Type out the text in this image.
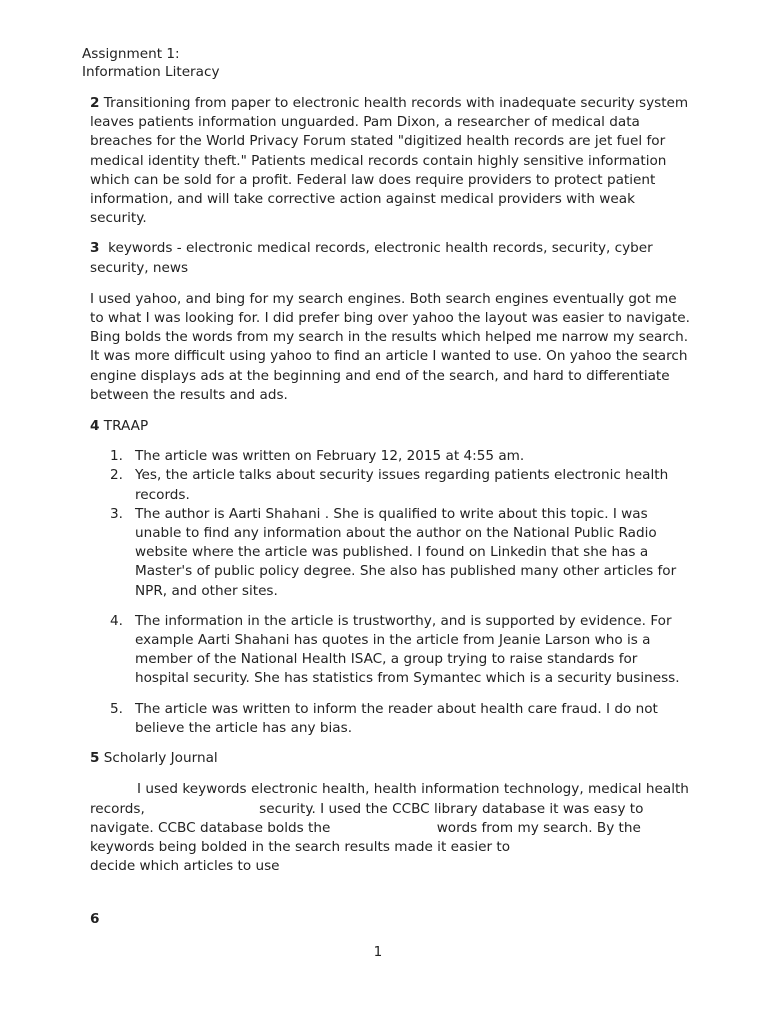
Assignment 1:
Information Literacy

2 Transitioning from paper to electronic health records with inadequate security system leaves patients information unguarded. Pam Dixon, a researcher of medical data breaches for the World Privacy Forum stated "digitized health records are jet fuel for medical identity theft." Patients medical records contain highly sensitive information which can be sold for a profit. Federal law does require providers to protect patient information, and will take corrective action against medical providers with weak security.

3 keywords - electronic medical records, electronic health records, security, cyber security, news

I used yahoo, and bing for my search engines. Both search engines eventually got me to what I was looking for. I did prefer bing over yahoo the layout was easier to navigate. Bing bolds the words from my search in the results which helped me narrow my search. It was more difficult using yahoo to find an article I wanted to use. On yahoo the search engine displays ads at the beginning and end of the search, and hard to differentiate between the results and ads.

4 TRAAP

1. The article was written on February 12, 2015 at 4:55 am.
2. Yes, the article talks about security issues regarding patients electronic health records.
3. The author is Aarti Shahani . She is qualified to write about this topic. I was unable to find any information about the author on the National Public Radio website where the article was published. I found on Linkedin that she has a Master's of public policy degree. She also has published many other articles for NPR, and other sites.
4. The information in the article is trustworthy, and is supported by evidence. For example Aarti Shahani has quotes in the article from Jeanie Larson who is a member of the National Health ISAC, a group trying to raise standards for hospital security. She has statistics from Symantec which is a security business.
5. The article was written to inform the reader about health care fraud. I do not believe the article has any bias.

5 Scholarly Journal

I used keywords electronic health, health information technology, medical health records,	security. I used the CCBC library database it was easy to navigate. CCBC database bolds the	words from my search. By the keywords being bolded in the search results made it easier to
decide which articles to use

6
1
